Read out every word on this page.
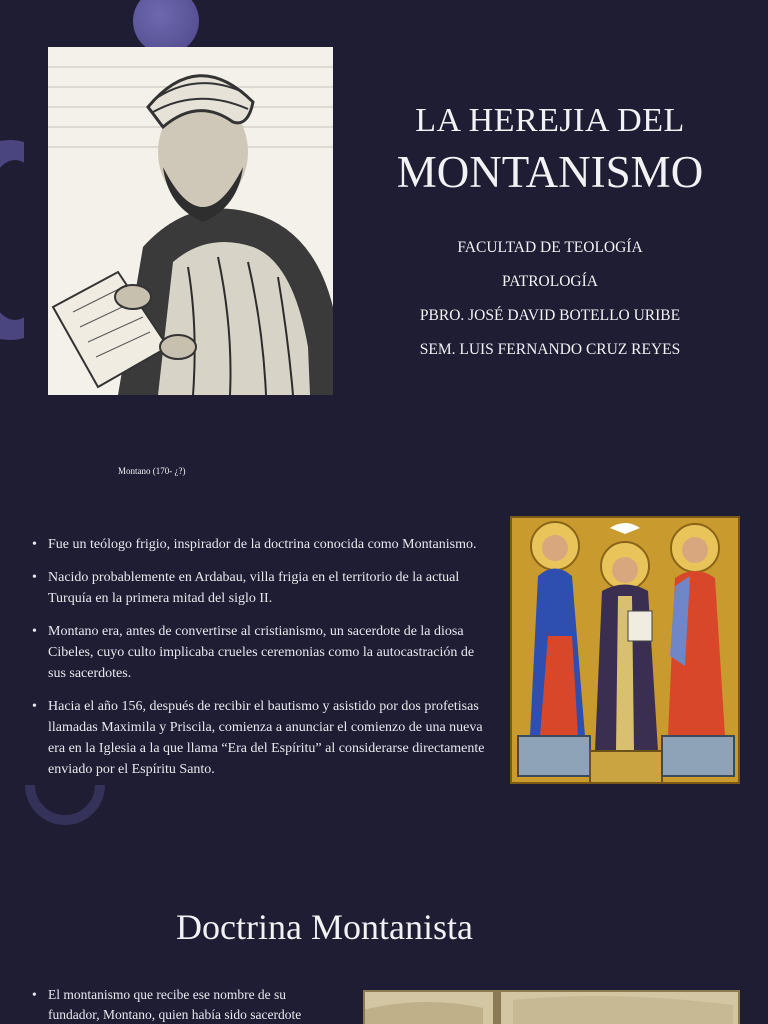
LA HEREJIA DEL
MONTANISMO
FACULTAD DE TEOLOGÍA
PATROLOGÍA
PBRO. JOSÉ DAVID BOTELLO URIBE
SEM. LUIS FERNANDO CRUZ REYES
Montano (170- ¿?)
• Fue un teólogo frigio, inspirador de la doctrina conocida como Montanismo.
• Nacido probablemente en Ardabau, villa frigia en el territorio de la actual Turquía en la primera mitad del siglo II.
• Montano era, antes de convertirse al cristianismo, un sacerdote de la diosa Cibeles, cuyo culto implicaba crueles ceremonias como la autocastración de sus sacerdotes.
• Hacia el año 156, después de recibir el bautismo y asistido por dos profetisas llamadas Maximila y Priscila, comienza a anunciar el comienzo de una nueva era en la Iglesia a la que llama “Era del Espíritu” al considerarse directamente enviado por el Espíritu Santo.
Doctrina Montanista
• El montanismo que recibe ese nombre de su fundador, Montano, quien había sido sacerdote
